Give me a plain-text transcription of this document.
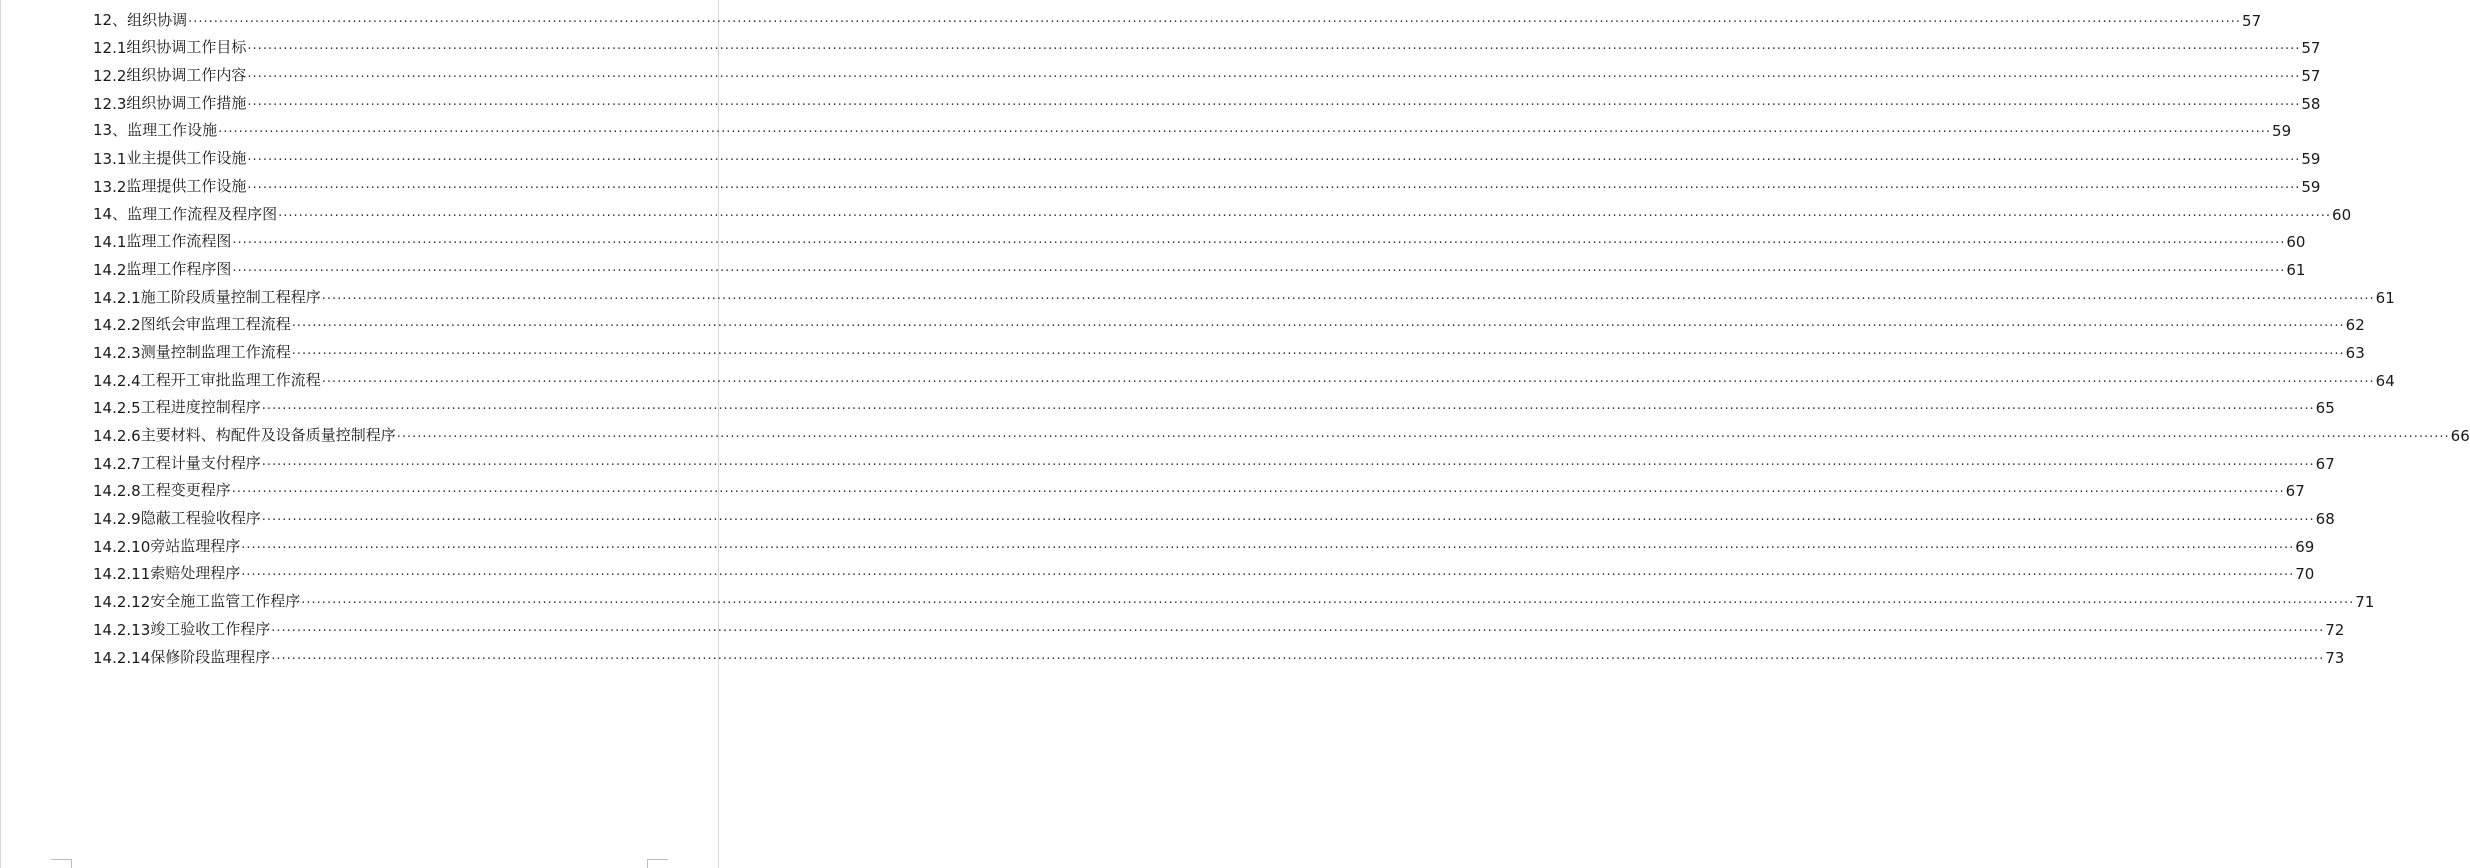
12、 组织协调 ················································································································································································································································································································································································································ 57
12.1 组织协调工作目标 ················································································································································································································································································································································································································ 57
12.2 组织协调工作内容 ················································································································································································································································································································································································································ 57
12.3 组织协调工作措施 ················································································································································································································································································································································································································ 58
13、 监理工作设施 ················································································································································································································································································································································································································ 59
13.1 业主提供工作设施 ················································································································································································································································································································································································································ 59
13.2 监理提供工作设施 ················································································································································································································································································································································································································ 59
14、 监理工作流程及程序图 ················································································································································································································································································································································································································ 60
14.1 监理工作流程图 ················································································································································································································································································································································································································ 60
14.2 监理工作程序图 ················································································································································································································································································································································································································ 61
14.2.1 施工阶段质量控制工程程序 ················································································································································································································································································································································································································ 61
14.2.2 图纸会审监理工程流程 ················································································································································································································································································································································································································ 62
14.2.3 测量控制监理工作流程 ················································································································································································································································································································································································································ 63
14.2.4 工程开工审批监理工作流程 ················································································································································································································································································································································································································ 64
14.2.5 工程进度控制程序 ················································································································································································································································································································································································································ 65
14.2.6 主要材料、构配件及设备质量控制程序 ················································································································································································································································································································································································································ 66
14.2.7 工程计量支付程序 ················································································································································································································································································································································································································ 67
14.2.8 工程变更程序 ················································································································································································································································································································································································································ 67
14.2.9 隐蔽工程验收程序 ················································································································································································································································································································································································································ 68
14.2.10 旁站监理程序 ················································································································································································································································································································································································································ 69
14.2.11 索赔处理程序 ················································································································································································································································································································································································································ 70
14.2.12 安全施工监管工作程序 ················································································································································································································································································································································································································ 71
14.2.13 竣工验收工作程序 ················································································································································································································································································································································································································ 72
14.2.14 保修阶段监理程序 ················································································································································································································································································································································································································ 73
